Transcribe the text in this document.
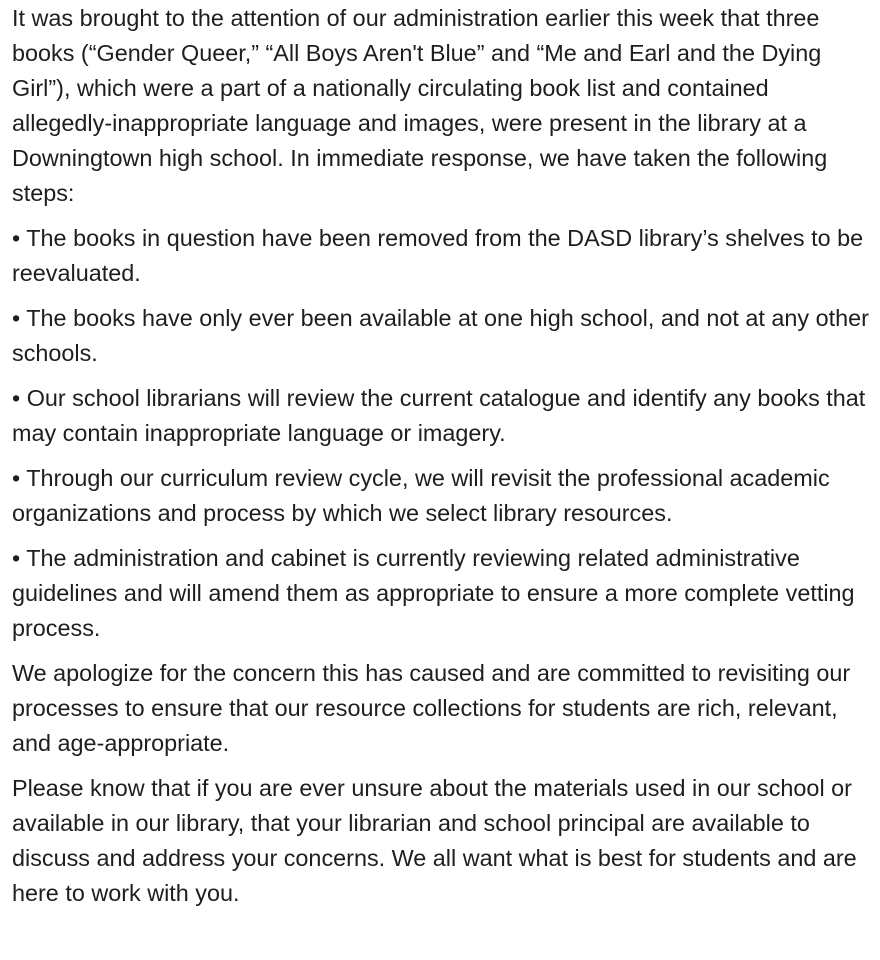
It was brought to the attention of our administration earlier this week that three books (“Gender Queer,” “All Boys Aren't Blue” and “Me and Earl and the Dying Girl”), which were a part of a nationally circulating book list and contained allegedly-inappropriate language and images, were present in the library at a Downingtown high school. In immediate response, we have taken the following steps:

• The books in question have been removed from the DASD library’s shelves to be reevaluated.

• The books have only ever been available at one high school, and not at any other schools.

• Our school librarians will review the current catalogue and identify any books that may contain inappropriate language or imagery.

• Through our curriculum review cycle, we will revisit the professional academic organizations and process by which we select library resources.

• The administration and cabinet is currently reviewing related administrative guidelines and will amend them as appropriate to ensure a more complete vetting process.

We apologize for the concern this has caused and are committed to revisiting our processes to ensure that our resource collections for students are rich, relevant, and age-appropriate.

Please know that if you are ever unsure about the materials used in our school or available in our library, that your librarian and school principal are available to discuss and address your concerns. We all want what is best for students and are here to work with you.
